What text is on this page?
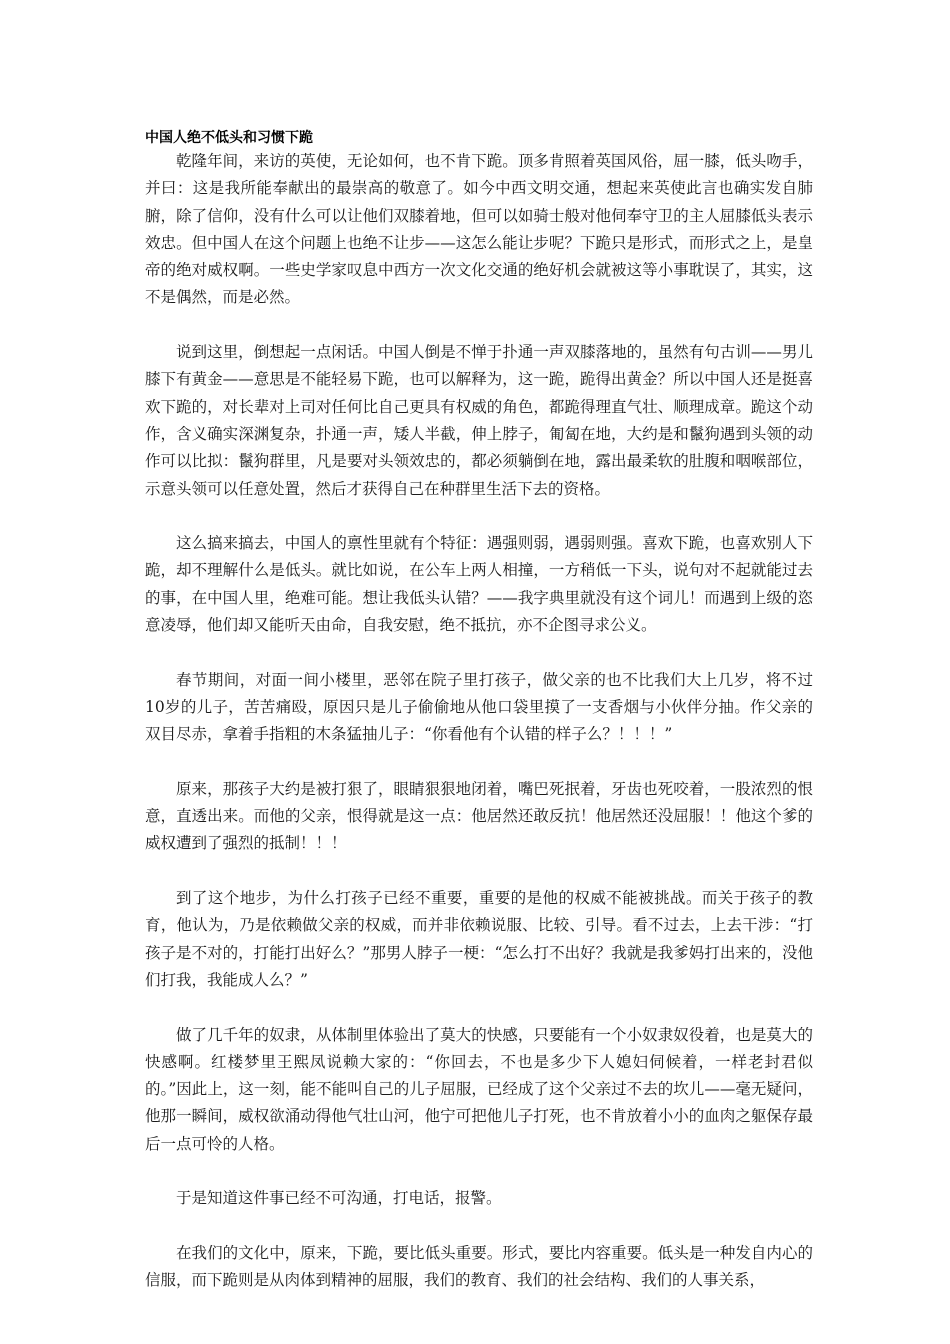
中国人绝不低头和习惯下跪

乾隆年间，来访的英使，无论如何，也不肯下跪。顶多肯照着英国风俗，屈一膝，低头吻手，并曰：这是我所能奉献出的最崇高的敬意了。如今中西文明交通，想起来英使此言也确实发自肺腑，除了信仰，没有什么可以让他们双膝着地，但可以如骑士般对他伺奉守卫的主人屈膝低头表示效忠。但中国人在这个问题上也绝不让步——这怎么能让步呢？下跪只是形式，而形式之上，是皇帝的绝对威权啊。一些史学家叹息中西方一次文化交通的绝好机会就被这等小事耽误了，其实，这不是偶然，而是必然。

说到这里，倒想起一点闲话。中国人倒是不惮于扑通一声双膝落地的，虽然有句古训——男儿膝下有黄金——意思是不能轻易下跪，也可以解释为，这一跪，跪得出黄金？所以中国人还是挺喜欢下跪的，对长辈对上司对任何比自己更具有权威的角色，都跪得理直气壮、顺理成章。跪这个动作，含义确实深渊复杂，扑通一声，矮人半截，伸上脖子，匍匐在地，大约是和鬣狗遇到头领的动作可以比拟：鬣狗群里，凡是要对头领效忠的，都必须躺倒在地，露出最柔软的肚腹和咽喉部位，示意头领可以任意处置，然后才获得自己在种群里生活下去的资格。

这么搞来搞去，中国人的禀性里就有个特征：遇强则弱，遇弱则强。喜欢下跪，也喜欢别人下跪，却不理解什么是低头。就比如说，在公车上两人相撞，一方稍低一下头，说句对不起就能过去的事，在中国人里，绝难可能。想让我低头认错？——我字典里就没有这个词儿！而遇到上级的恣意凌辱，他们却又能听天由命，自我安慰，绝不抵抗，亦不企图寻求公义。

春节期间，对面一间小楼里，恶邻在院子里打孩子，做父亲的也不比我们大上几岁，将不过10岁的儿子，苦苦痛殴，原因只是儿子偷偷地从他口袋里摸了一支香烟与小伙伴分抽。作父亲的双目尽赤，拿着手指粗的木条猛抽儿子：“你看他有个认错的样子么？！！！”

原来，那孩子大约是被打狠了，眼睛狠狠地闭着，嘴巴死抿着，牙齿也死咬着，一股浓烈的恨意，直透出来。而他的父亲，恨得就是这一点：他居然还敢反抗！他居然还没屈服！！他这个爹的威权遭到了强烈的抵制！！！

到了这个地步，为什么打孩子已经不重要，重要的是他的权威不能被挑战。而关于孩子的教育，他认为，乃是依赖做父亲的权威，而并非依赖说服、比较、引导。看不过去，上去干涉：“打孩子是不对的，打能打出好么？”那男人脖子一梗：“怎么打不出好？我就是我爹妈打出来的，没他们打我，我能成人么？”

做了几千年的奴隶，从体制里体验出了莫大的快感，只要能有一个小奴隶奴役着，也是莫大的快感啊。红楼梦里王熙凤说赖大家的：“你回去，不也是多少下人媳妇伺候着，一样老封君似的。”因此上，这一刻，能不能叫自己的儿子屈服，已经成了这个父亲过不去的坎儿——毫无疑问，他那一瞬间，威权欲涌动得他气壮山河，他宁可把他儿子打死，也不肯放着小小的血肉之躯保存最后一点可怜的人格。

于是知道这件事已经不可沟通，打电话，报警。

在我们的文化中，原来，下跪，要比低头重要。形式，要比内容重要。低头是一种发自内心的信服，而下跪则是从肉体到精神的屈服，我们的教育、我们的社会结构、我们的人事关系，
